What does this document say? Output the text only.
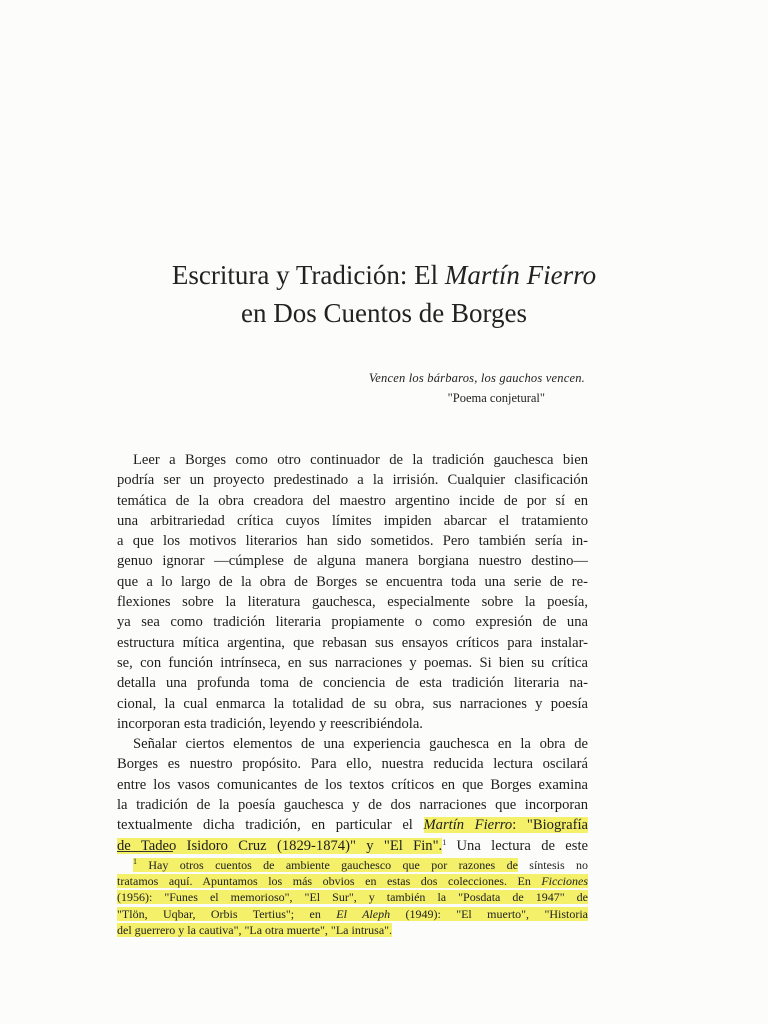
Escritura y Tradición: El Martín Fierro
en Dos Cuentos de Borges
Vencen los bárbaros, los gauchos vencen.
"Poema conjetural"
Leer a Borges como otro continuador de la tradición gauchesca bien
podría ser un proyecto predestinado a la irrisión. Cualquier clasificación
temática de la obra creadora del maestro argentino incide de por sí en
una arbitrariedad crítica cuyos límites impiden abarcar el tratamiento
a que los motivos literarios han sido sometidos. Pero también sería in-
genuo ignorar —cúmplese de alguna manera borgiana nuestro destino—
que a lo largo de la obra de Borges se encuentra toda una serie de re-
flexiones sobre la literatura gauchesca, especialmente sobre la poesía,
ya sea como tradición literaria propiamente o como expresión de una
estructura mítica argentina, que rebasan sus ensayos críticos para instalar-
se, con función intrínseca, en sus narraciones y poemas. Si bien su crítica
detalla una profunda toma de conciencia de esta tradición literaria na-
cional, la cual enmarca la totalidad de su obra, sus narraciones y poesía
incorporan esta tradición, leyendo y reescribiéndola.
Señalar ciertos elementos de una experiencia gauchesca en la obra de
Borges es nuestro propósito. Para ello, nuestra reducida lectura oscilará
entre los vasos comunicantes de los textos críticos en que Borges examina
la tradición de la poesía gauchesca y de dos narraciones que incorporan
textualmente dicha tradición, en particular el Martín Fierro: "Biografía
de Tadeo Isidoro Cruz (1829-1874)" y "El Fin".$^1$ Una lectura de este
$^1$ Hay otros cuentos de ambiente gauchesco que por razones de síntesis no
tratamos aquí. Apuntamos los más obvios en estas dos colecciones. En Ficciones
(1956): "Funes el memorioso", "El Sur", y también la "Posdata de 1947" de
"Tlön, Uqbar, Orbis Tertius"; en El Aleph (1949): "El muerto", "Historia
del guerrero y la cautiva", "La otra muerte", "La intrusa".
